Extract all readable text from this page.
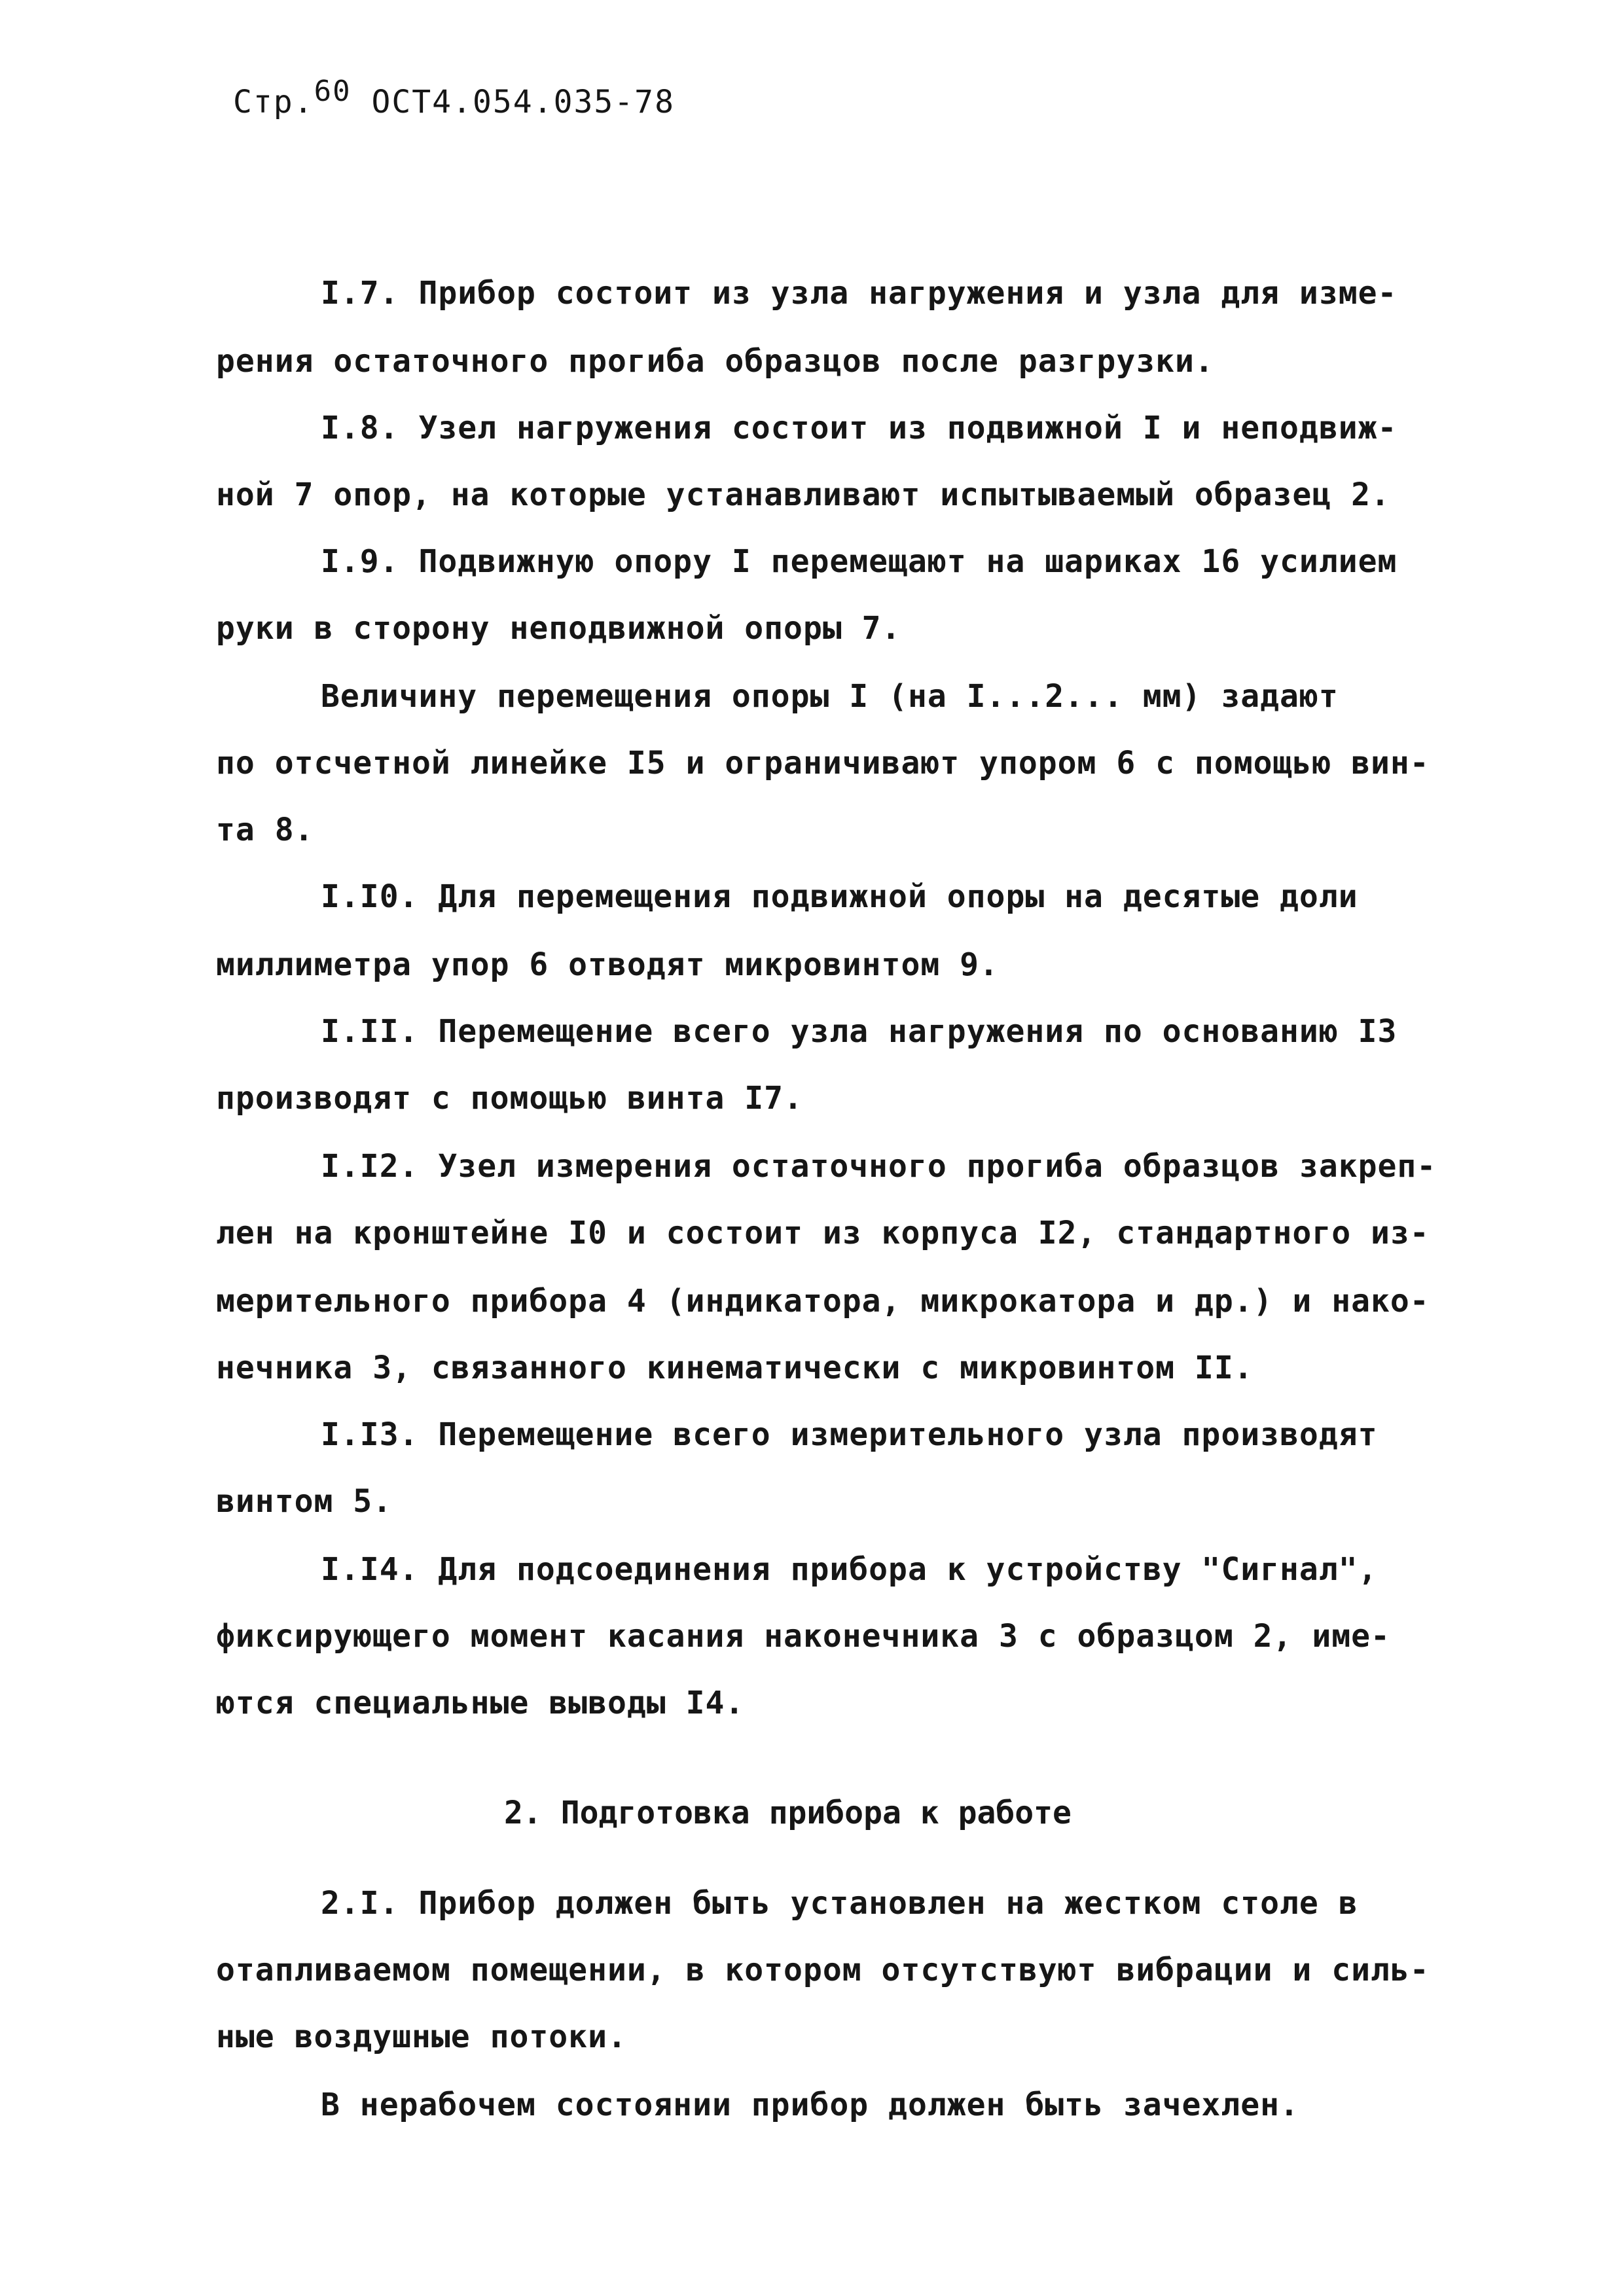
Стр.60 ОСТ4.054.035-78
I.7. Прибор состоит из узла нагружения и узла для изме-
рения остаточного прогиба образцов после разгрузки.
I.8. Узел нагружения состоит из подвижной I и неподвиж-
ной 7 опор, на которые устанавливают испытываемый образец 2.
I.9. Подвижную опору I перемещают на шариках 16 усилием
руки в сторону неподвижной опоры 7.
Величину перемещения опоры I (на I...2... мм) задают
по отсчетной линейке I5 и ограничивают упором 6 с помощью вин-
та 8.
I.I0. Для перемещения подвижной опоры на десятые доли
миллиметра упор 6 отводят микровинтом 9.
I.II. Перемещение всего узла нагружения по основанию I3
производят с помощью винта I7.
I.I2. Узел измерения остаточного прогиба образцов закреп-
лен на кронштейне I0 и состоит из корпуса I2, стандартного из-
мерительного прибора 4 (индикатора, микрокатора и др.) и нако-
нечника 3, связанного кинематически с микровинтом II.
I.I3. Перемещение всего измерительного узла производят
винтом 5.
I.I4. Для подсоединения прибора к устройству "Сигнал",
фиксирующего момент касания наконечника 3 с образцом 2, име-
ются специальные выводы I4.
2. Подготовка прибора к работе
2.I. Прибор должен быть установлен на жестком столе в
отапливаемом помещении, в котором отсутствуют вибрации и силь-
ные воздушные потоки.
В нерабочем состоянии прибор должен быть зачехлен.
